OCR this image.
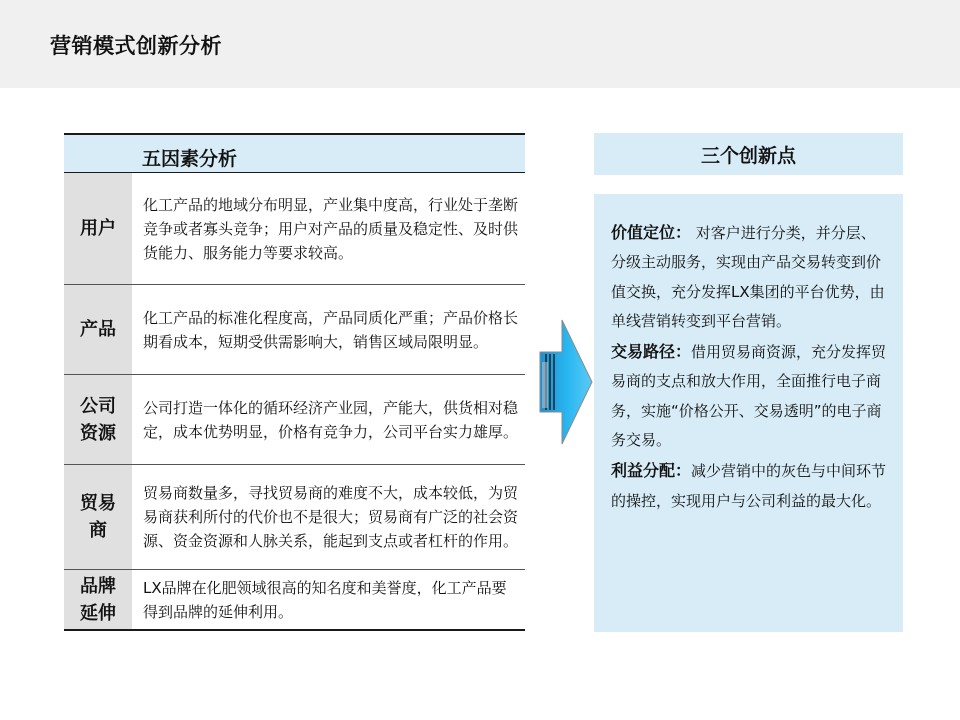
营销模式创新分析
五因素分析
用户
化工产品的地域分布明显，产业集中度高，行业处于垄断竞争或者寡头竞争；用户对产品的质量及稳定性、及时供货能力、服务能力等要求较高。
产品
化工产品的标准化程度高，产品同质化严重；产品价格长期看成本，短期受供需影响大，销售区域局限明显。
公司
资源
公司打造一体化的循环经济产业园，产能大，供货相对稳定，成本优势明显，价格有竞争力，公司平台实力雄厚。
贸易
商
贸易商数量多，寻找贸易商的难度不大，成本较低，为贸易商获利所付的代价也不是很大；贸易商有广泛的社会资源、资金资源和人脉关系，能起到支点或者杠杆的作用。
品牌
延伸
LX品牌在化肥领域很高的知名度和美誉度，化工产品要得到品牌的延伸利用。
三个创新点
价值定位： 对客户进行分类，并分层、分级主动服务，实现由产品交易转变到价值交换，充分发挥LX集团的平台优势，由单线营销转变到平台营销。
交易路径：借用贸易商资源，充分发挥贸易商的支点和放大作用，全面推行电子商务，实施“价格公开、交易透明”的电子商务交易。
利益分配：减少营销中的灰色与中间环节的操控，实现用户与公司利益的最大化。
